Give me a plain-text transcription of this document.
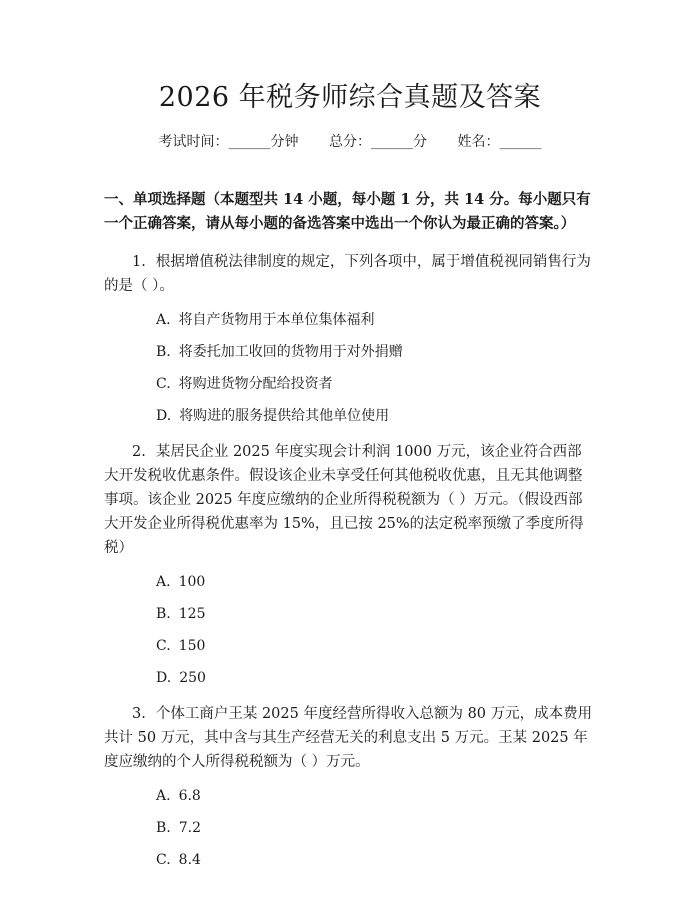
2026 年税务师综合真题及答案
考试时间：______分钟 总分：______分 姓名：______
一、单项选择题（本题型共 14 小题，每小题 1 分，共 14 分。每小题只有一个正确答案，请从每小题的备选答案中选出一个你认为最正确的答案。）
1. 根据增值税法律制度的规定，下列各项中，属于增值税视同销售行为的是（ ）。
A. 将自产货物用于本单位集体福利
B. 将委托加工收回的货物用于对外捐赠
C. 将购进货物分配给投资者
D. 将购进的服务提供给其他单位使用
2. 某居民企业 2025 年度实现会计利润 1000 万元，该企业符合西部大开发税收优惠条件。假设该企业未享受任何其他税收优惠，且无其他调整事项。该企业 2025 年度应缴纳的企业所得税税额为（ ）万元。（假设西部大开发企业所得税优惠率为 15%，且已按 25%的法定税率预缴了季度所得税）
A. 100
B. 125
C. 150
D. 250
3. 个体工商户王某 2025 年度经营所得收入总额为 80 万元，成本费用共计 50 万元，其中含与其生产经营无关的利息支出 5 万元。王某 2025 年度应缴纳的个人所得税税额为（ ）万元。
A. 6.8
B. 7.2
C. 8.4
